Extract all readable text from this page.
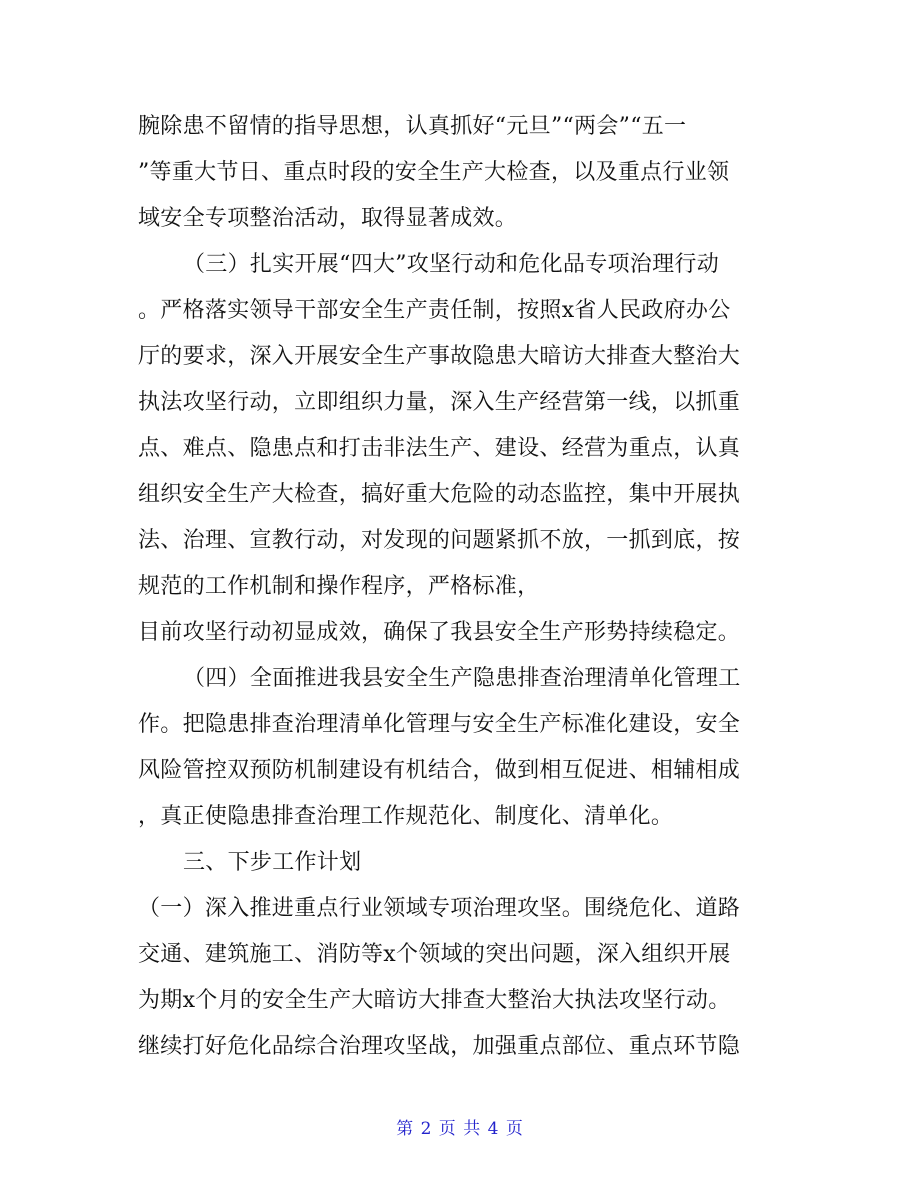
腕除患不留情的指导思想，认真抓好“元旦”“两会”“五一
”等重大节日、重点时段的安全生产大检查，以及重点行业领
域安全专项整治活动，取得显著成效。
（三）扎实开展“四大”攻坚行动和危化品专项治理行动
。严格落实领导干部安全生产责任制，按照x省人民政府办公
厅的要求，深入开展安全生产事故隐患大暗访大排查大整治大
执法攻坚行动，立即组织力量，深入生产经营第一线，以抓重
点、难点、隐患点和打击非法生产、建设、经营为重点，认真
组织安全生产大检查，搞好重大危险的动态监控，集中开展执
法、治理、宣教行动，对发现的问题紧抓不放，一抓到底，按
规范的工作机制和操作程序，严格标准，
目前攻坚行动初显成效，确保了我县安全生产形势持续稳定。
（四）全面推进我县安全生产隐患排查治理清单化管理工
作。把隐患排查治理清单化管理与安全生产标准化建设，安全
风险管控双预防机制建设有机结合，做到相互促进、相辅相成
，真正使隐患排查治理工作规范化、制度化、清单化。
三、下步工作计划
（一）深入推进重点行业领域专项治理攻坚。围绕危化、道路
交通、建筑施工、消防等x个领域的突出问题，深入组织开展
为期x个月的安全生产大暗访大排查大整治大执法攻坚行动。
继续打好危化品综合治理攻坚战，加强重点部位、重点环节隐
第 2 页 共 4 页
